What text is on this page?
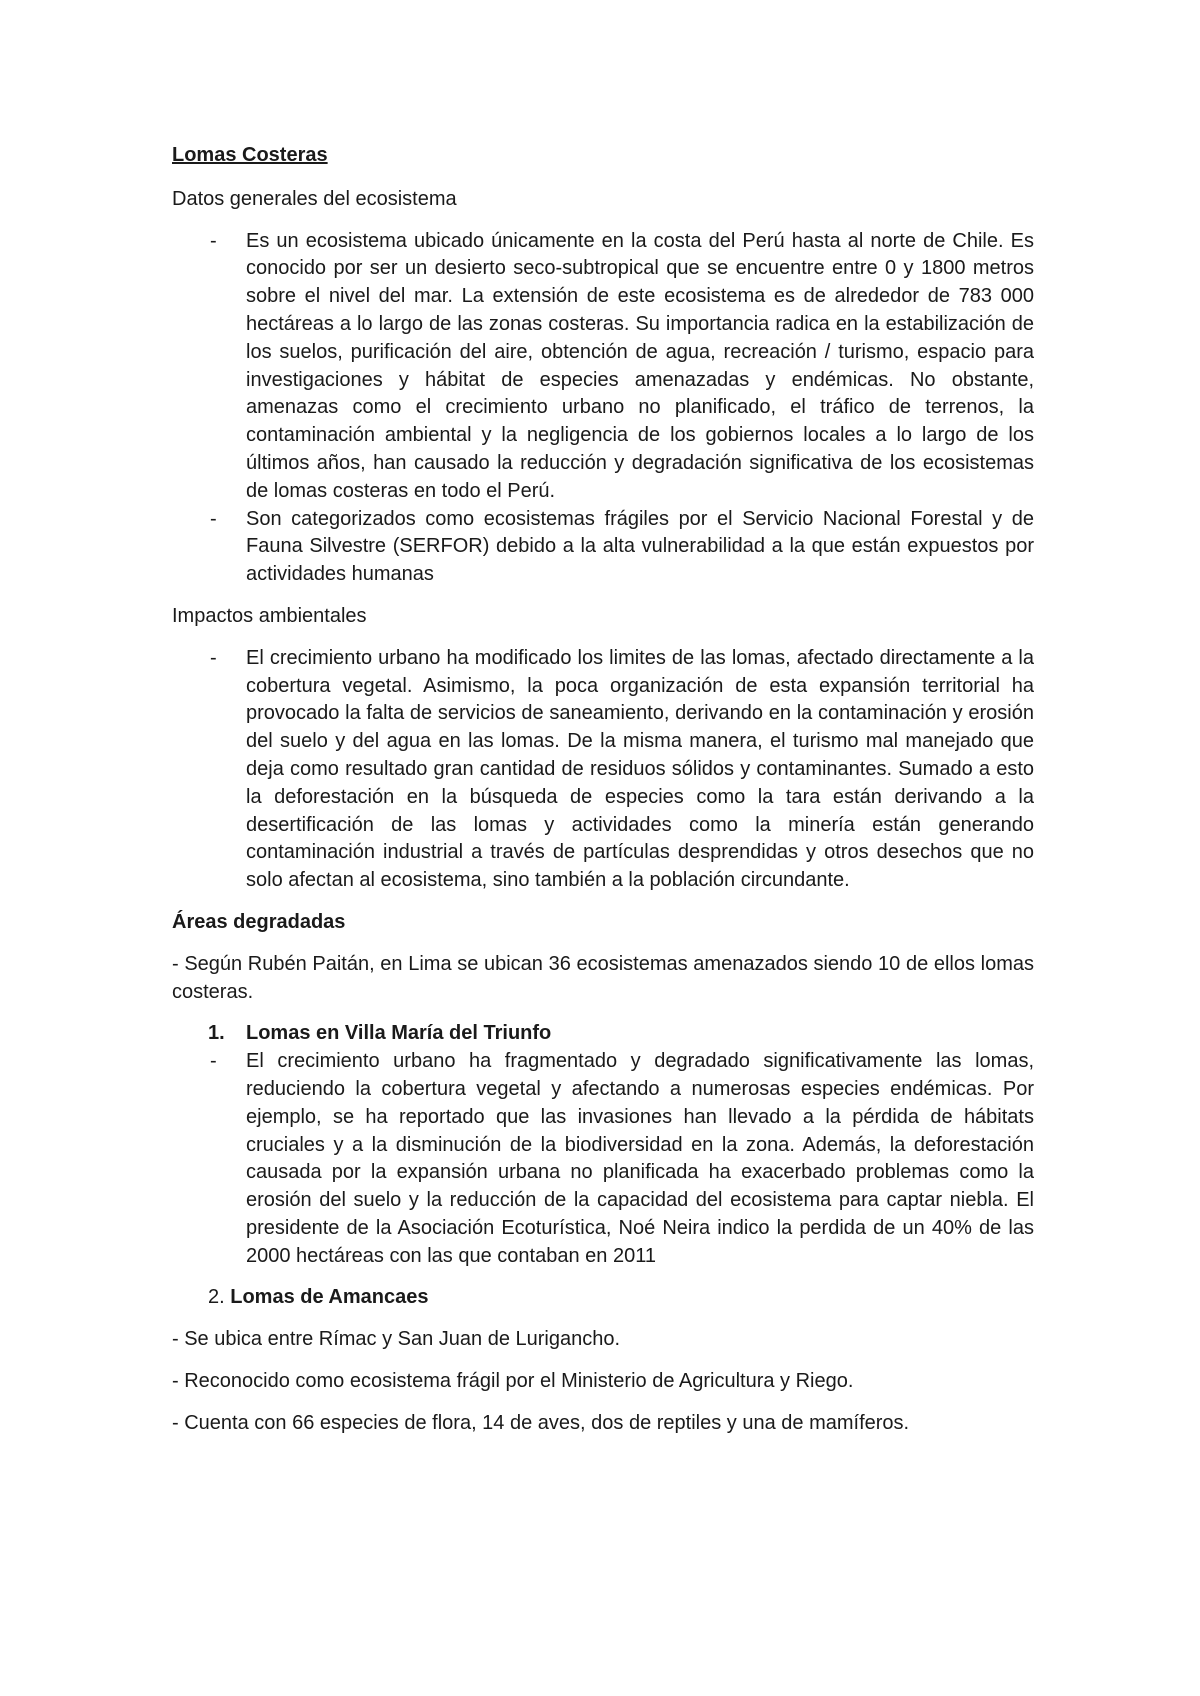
Lomas Costeras
Datos generales del ecosistema
- Es un ecosistema ubicado únicamente en la costa del Perú hasta al norte de Chile. Es conocido por ser un desierto seco-subtropical que se encuentre entre 0 y 1800 metros sobre el nivel del mar. La extensión de este ecosistema es de alrededor de 783 000 hectáreas a lo largo de las zonas costeras. Su importancia radica en la estabilización de los suelos, purificación del aire, obtención de agua, recreación / turismo, espacio para investigaciones y hábitat de especies amenazadas y endémicas. No obstante, amenazas como el crecimiento urbano no planificado, el tráfico de terrenos, la contaminación ambiental y la negligencia de los gobiernos locales a lo largo de los últimos años, han causado la reducción y degradación significativa de los ecosistemas de lomas costeras en todo el Perú.
- Son categorizados como ecosistemas frágiles por el Servicio Nacional Forestal y de Fauna Silvestre (SERFOR) debido a la alta vulnerabilidad a la que están expuestos por actividades humanas
Impactos ambientales
- El crecimiento urbano ha modificado los limites de las lomas, afectado directamente a la cobertura vegetal. Asimismo, la poca organización de esta expansión territorial ha provocado la falta de servicios de saneamiento, derivando en la contaminación y erosión del suelo y del agua en las lomas. De la misma manera, el turismo mal manejado que deja como resultado gran cantidad de residuos sólidos y contaminantes. Sumado a esto la deforestación en la búsqueda de especies como la tara están derivando a la desertificación de las lomas y actividades como la minería están generando contaminación industrial a través de partículas desprendidas y otros desechos que no solo afectan al ecosistema, sino también a la población circundante.
Áreas degradadas
- Según Rubén Paitán, en Lima se ubican 36 ecosistemas amenazados siendo 10 de ellos lomas costeras.
1. Lomas en Villa María del Triunfo
- El crecimiento urbano ha fragmentado y degradado significativamente las lomas, reduciendo la cobertura vegetal y afectando a numerosas especies endémicas. Por ejemplo, se ha reportado que las invasiones han llevado a la pérdida de hábitats cruciales y a la disminución de la biodiversidad en la zona. Además, la deforestación causada por la expansión urbana no planificada ha exacerbado problemas como la erosión del suelo y la reducción de la capacidad del ecosistema para captar niebla. El presidente de la Asociación Ecoturística, Noé Neira indico la perdida de un 40% de las 2000 hectáreas con las que contaban en 2011
2. Lomas de Amancaes
- Se ubica entre Rímac y San Juan de Lurigancho.
- Reconocido como ecosistema frágil por el Ministerio de Agricultura y Riego.
- Cuenta con 66 especies de flora, 14 de aves, dos de reptiles y una de mamíferos.
